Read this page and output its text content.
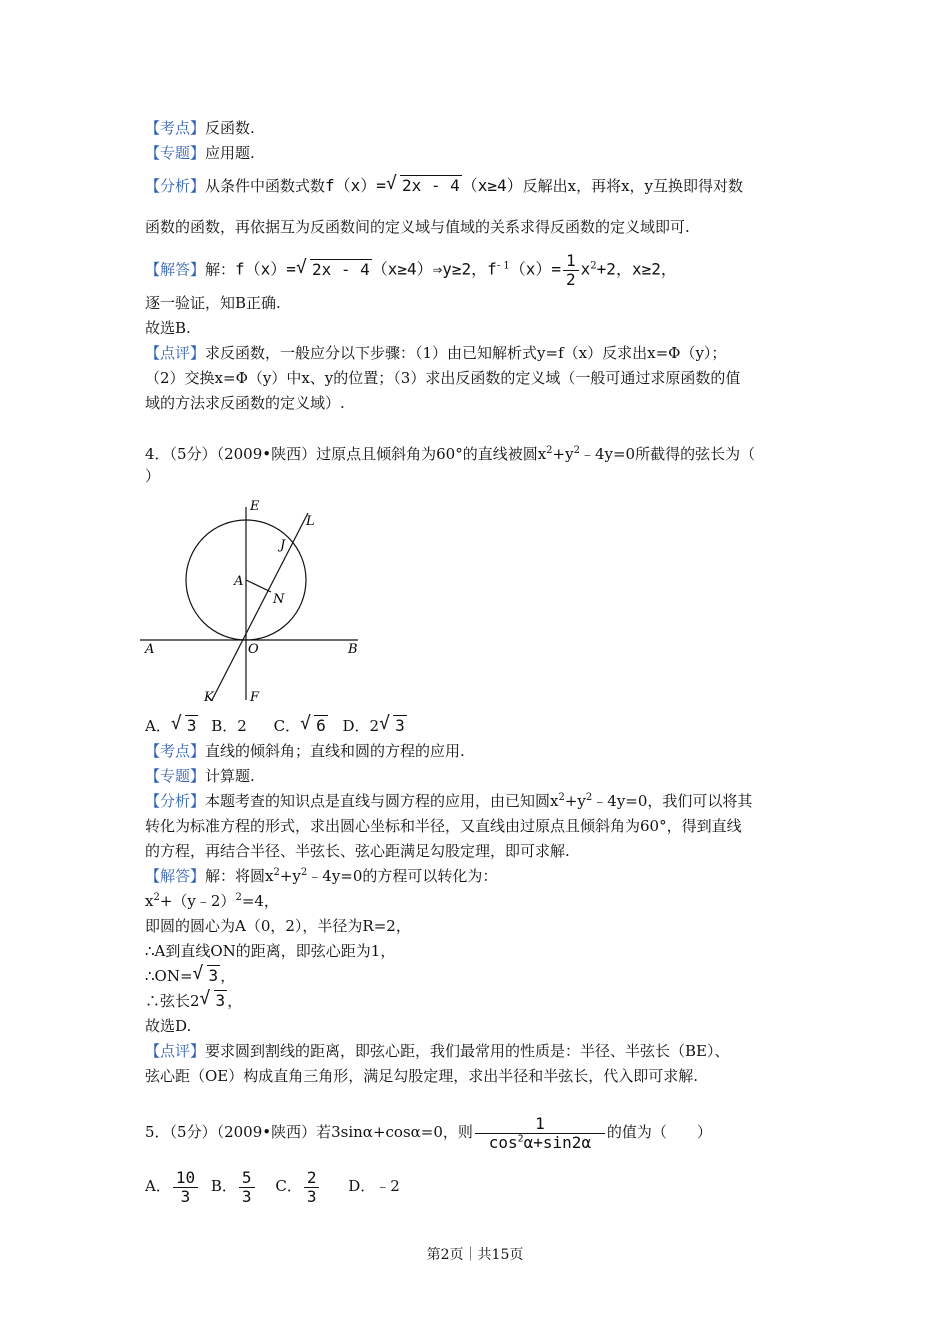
【考点】反函数.
【专题】应用题.
【分析】从条件中函数式数f（x）= √ 2x - 4 （x≥4）反解出x，再将x，y互换即得对数
函数的函数，再依据互为反函数间的定义域与值域的关系求得反函数的定义域即可.
【解答】解：f（x）= √ 2x - 4 （x≥4）⇒y≥2，$f^{- 1}(x)= \frac{1}{2} x^2+2$，x≥2，
逐一验证，知B正确.
故选B.
【点评】求反函数，一般应分以下步骤：（1）由已知解析式y=f（x）反求出x=Φ（y）；
（2）交换x=Φ（y）中x、y的位置；（3）求出反函数的定义域（一般可通过求原函数的值
域的方法求反函数的定义域）.
4．（5分）（2009•陕西）过原点且倾斜角为60°的直线被圆$x^2+y^2﹣4y=0$所截得的弦长为（
）
E
L
J
A
N
A	O	B
K	F
A． √ 3 B．2 C． √ 6 D．2 √ 3
【考点】直线的倾斜角；直线和圆的方程的应用.
【专题】计算题.
【分析】本题考查的知识点是直线与圆方程的应用，由已知圆$x^2+y^2﹣4y=0$，我们可以将其
转化为标准方程的形式，求出圆心坐标和半径，又直线由过原点且倾斜角为60°，得到直线
的方程，再结合半径、半弦长、弦心距满足勾股定理，即可求解.
【解答】解：将圆$x^2+y^2﹣4y=0$的方程可以转化为：
$x^2+(y﹣2)^2=4$，
即圆的圆心为A（0，2），半径为R=2，
∴A到直线ON的距离，即弦心距为1，
∴ON= √ 3 ，
∴弦长2 √ 3 ，
故选D.
【点评】要求圆到割线的距离，即弦心距，我们最常用的性质是：半径、半弦长（BE）、
弦心距（OE）构成直角三角形，满足勾股定理，求出半径和半弦长，代入即可求解.
5．（5分）（2009•陕西）若3sinα+cosα=0，则 $\frac{1}{\cos^2\alpha+\sin 2\alpha}$ 的值为（　　）
A． $\frac{10}{3}$ B． $\frac{5}{3}$ C． $\frac{2}{3}$ D．﹣2
第2页｜共15页
